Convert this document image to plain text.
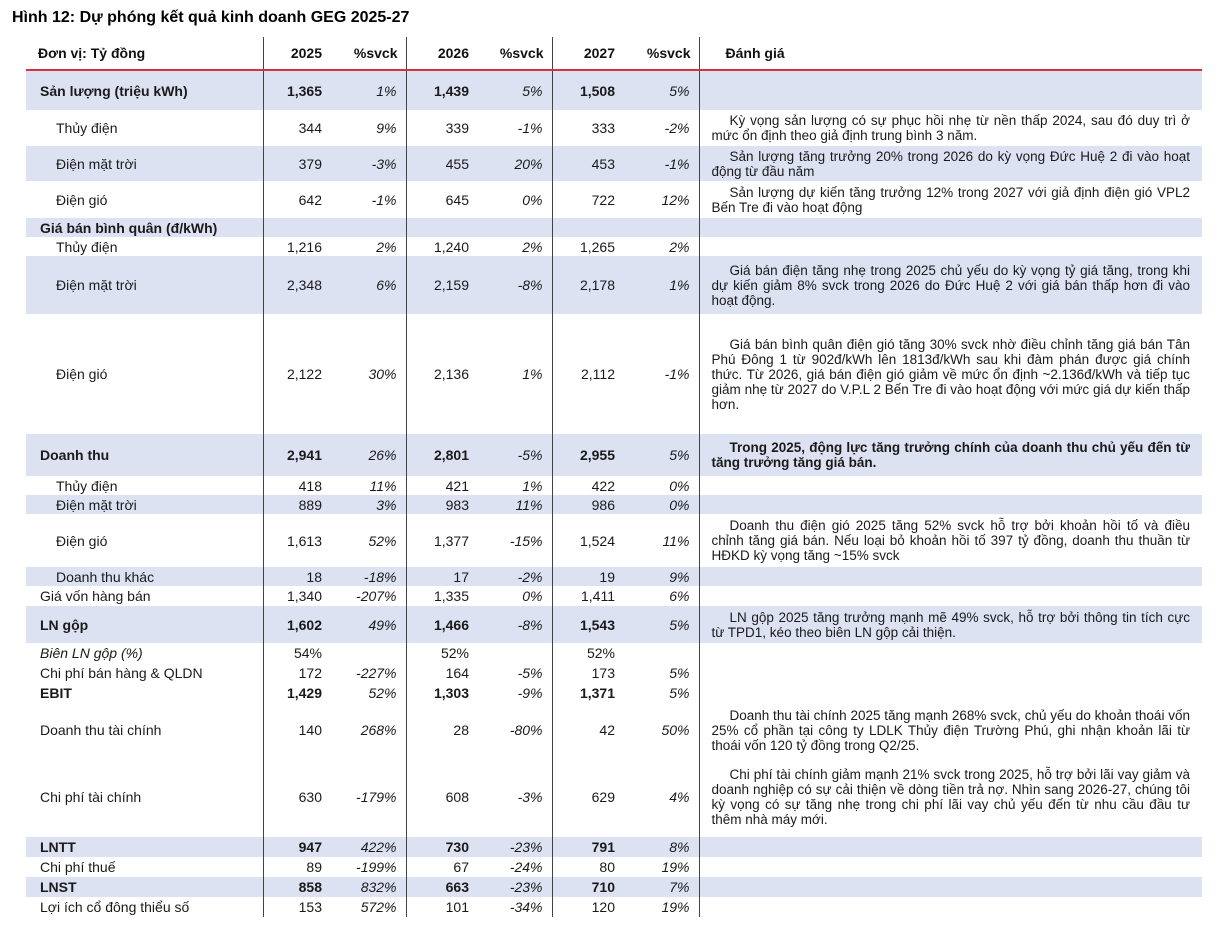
Hình 12: Dự phóng kết quả kinh doanh GEG 2025-27
Đơn vị: Tỷ đồng	2025	%svck	2026	%svck	2027	%svck	Đánh giá
Sản lượng (triệu kWh)	1,365	1%	1,439	5%	1,508	5%	
Thủy điện	344	9%	339	-1%	333	-2%	Kỳ vọng sản lượng có sự phục hồi nhẹ từ nền thấp 2024, sau đó duy trì ở mức ổn định theo giả định trung bình 3 năm.
Điện mặt trời	379	-3%	455	20%	453	-1%	Sản lượng tăng trưởng 20% trong 2026 do kỳ vọng Đức Huệ 2 đi vào hoạt động từ đầu năm
Điện gió	642	-1%	645	0%	722	12%	Sản lượng dự kiến tăng trưởng 12% trong 2027 với giả định điện gió VPL2 Bến Tre đi vào hoạt động
Giá bán bình quân (đ/kWh)							
Thủy điện	1,216	2%	1,240	2%	1,265	2%	
Điện mặt trời	2,348	6%	2,159	-8%	2,178	1%	Giá bán điện tăng nhẹ trong 2025 chủ yếu do kỳ vọng tỷ giá tăng, trong khi dự kiến giảm 8% svck trong 2026 do Đức Huệ 2 với giá bán thấp hơn đi vào hoạt động.
Điện gió	2,122	30%	2,136	1%	2,112	-1%	Giá bán bình quân điện gió tăng 30% svck nhờ điều chỉnh tăng giá bán Tân Phú Đông 1 từ 902đ/kWh lên 1813đ/kWh sau khi đàm phán được giá chính thức. Từ 2026, giá bán điện gió giảm về mức ổn định ~2.136đ/kWh và tiếp tục giảm nhẹ từ 2027 do V.P.L 2 Bến Tre đi vào hoạt động với mức giá dự kiến thấp hơn.
Doanh thu	2,941	26%	2,801	-5%	2,955	5%	Trong 2025, động lực tăng trưởng chính của doanh thu chủ yếu đến từ tăng trưởng tăng giá bán.
Thủy điện	418	11%	421	1%	422	0%	
Điện mặt trời	889	3%	983	11%	986	0%	
Điện gió	1,613	52%	1,377	-15%	1,524	11%	Doanh thu điện gió 2025 tăng 52% svck hỗ trợ bởi khoản hồi tố và điều chỉnh tăng giá bán. Nếu loại bỏ khoản hồi tố 397 tỷ đồng, doanh thu thuần từ HĐKD kỳ vọng tăng ~15% svck
Doanh thu khác	18	-18%	17	-2%	19	9%	
Giá vốn hàng bán	1,340	-207%	1,335	0%	1,411	6%	
LN gộp	1,602	49%	1,466	-8%	1,543	5%	LN gộp 2025 tăng trưởng mạnh mẽ 49% svck, hỗ trợ bởi thông tin tích cực từ TPD1, kéo theo biên LN gộp cải thiện.
Biên LN gộp (%)	54%		52%		52%		
Chi phí bán hàng & QLDN	172	-227%	164	-5%	173	5%	
EBIT	1,429	52%	1,303	-9%	1,371	5%	
Doanh thu tài chính	140	268%	28	-80%	42	50%	Doanh thu tài chính 2025 tăng mạnh 268% svck, chủ yếu do khoản thoái vốn 25% cổ phần tại công ty LDLK Thủy điện Trường Phú, ghi nhận khoản lãi từ thoái vốn 120 tỷ đồng trong Q2/25.
Chi phí tài chính	630	-179%	608	-3%	629	4%	Chi phí tài chính giảm mạnh 21% svck trong 2025, hỗ trợ bởi lãi vay giảm và doanh nghiệp có sự cải thiện về dòng tiền trả nợ. Nhìn sang 2026-27, chúng tôi kỳ vọng có sự tăng nhẹ trong chi phí lãi vay chủ yếu đến từ nhu cầu đầu tư thêm nhà máy mới.
LNTT	947	422%	730	-23%	791	8%	
Chi phí thuế	89	-199%	67	-24%	80	19%	
LNST	858	832%	663	-23%	710	7%	
Lợi ích cổ đông thiểu số	153	572%	101	-34%	120	19%	
